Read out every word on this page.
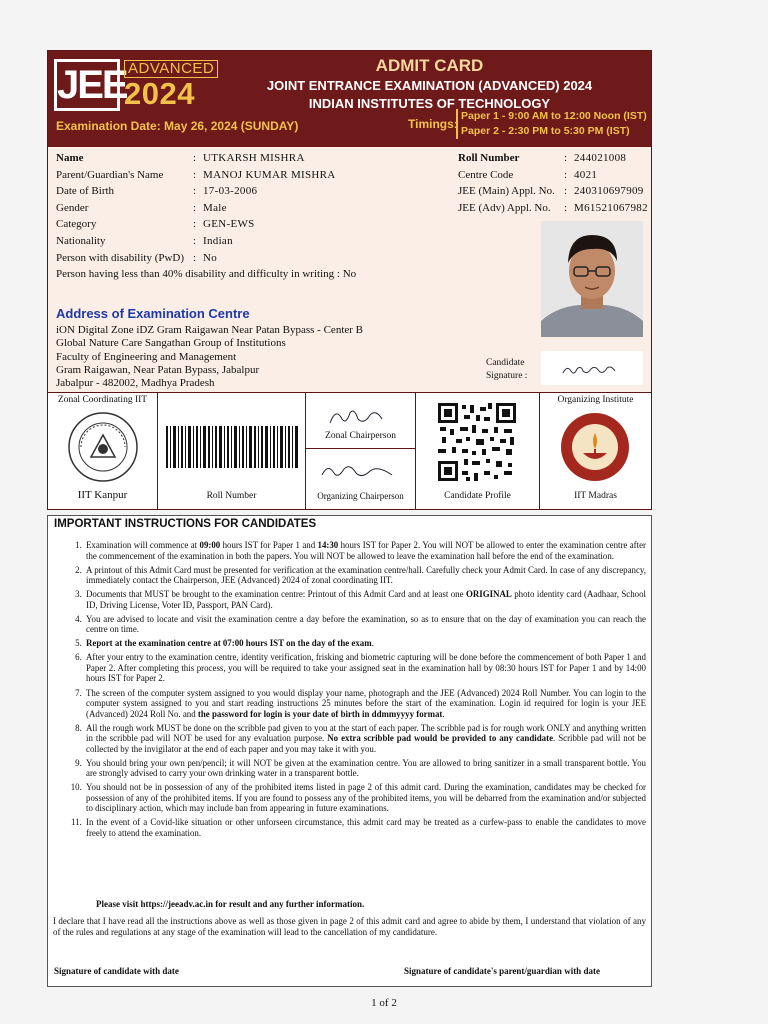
JEE ADVANCED
2024
ADMIT CARD
JOINT ENTRANCE EXAMINATION (ADVANCED) 2024
INDIAN INSTITUTES OF TECHNOLOGY
Examination Date: May 26, 2024 (SUNDAY)	Timings:
Paper 1 - 9:00 AM to 12:00 Noon (IST)
Paper 2 - 2:30 PM to 5:30 PM (IST)
Name	: UTKARSH MISHRA
Parent/Guardian's Name	: MANOJ KUMAR MISHRA
Date of Birth	: 17-03-2006
Gender	: Male
Category	: GEN-EWS
Nationality	: Indian
Person with disability (PwD) : No
Person having less than 40% disability and difficulty in writing :
No
Roll Number	: 244021008
Centre Code	: 4021
JEE (Main) Appl. No. : 240310697909
JEE (Adv) Appl. No.	: M61521067982
Candidate
Signature :
Address of Examination Centre
iON Digital Zone iDZ Gram Raigawan Near Patan Bypass - Center B
Global Nature Care Sangathan Group of Institutions
Faculty of Engineering and Management
Gram Raigawan, Near Patan Bypass, Jabalpur
Jabalpur - 482002, Madhya Pradesh
Zonal Coordinating IIT
IIT Kanpur	Roll Number
Zonal Chairperson
Organizing Chairperson	Candidate Profile
Organizing Institute
IIT Madras
IMPORTANT INSTRUCTIONS FOR CANDIDATES
1. Examination will commence at 09:00 hours IST for Paper 1 and 14:30 hours IST for Paper 2. You will NOT be allowed to enter the examination centre after the commencement of the examination in both the papers. You will NOT be allowed to leave the examination hall before the end of the examination.
2. A printout of this Admit Card must be presented for verification at the examination centre/hall. Carefully check your Admit Card. In case of any discrepancy, immediately contact the Chairperson, JEE (Advanced) 2024 of zonal coordinating IIT.
3. Documents that MUST be brought to the examination centre: Printout of this Admit Card and at least one ORIGINAL photo identity card (Aadhaar, School ID, Driving License, Voter ID, Passport, PAN Card).
4. You are advised to locate and visit the examination centre a day before the examination, so as to ensure that on the day of examination you can reach the centre on time.
5. Report at the examination centre at 07:00 hours IST on the day of the exam.
6. After your entry to the examination centre, identity verification, frisking and biometric capturing will be done before the commencement of both Paper 1 and Paper 2. After completing this process, you will be required to take your assigned seat in the examination hall by 08:30 hours IST for Paper 1 and by 14:00 hours IST for Paper 2.
7. The screen of the computer system assigned to you would display your name, photograph and the JEE (Advanced) 2024 Roll Number. You can login to the computer system assigned to you and start reading instructions 25 minutes before the start of the examination. Login id required for login is your JEE (Advanced) 2024 Roll No. and the password for login is your date of birth in ddmmyyyy format.
8. All the rough work MUST be done on the scribble pad given to you at the start of each paper. The scribble pad is for rough work ONLY and anything written in the scribble pad will NOT be used for any evaluation purpose. No extra scribble pad would be provided to any candidate. Scribble pad will not be collected by the invigilator at the end of each paper and you may take it with you.
9. You should bring your own pen/pencil; it will NOT be given at the examination centre. You are allowed to bring sanitizer in a small transparent bottle. You are strongly advised to carry your own drinking water in a transparent bottle.
10. You should not be in possession of any of the prohibited items listed in page 2 of this admit card. During the examination, candidates may be checked for possession of any of the prohibited items. If you are found to possess any of the prohibited items, you will be debarred from the examination and/or subjected to disciplinary action, which may include ban from appearing in future examinations.
11. In the event of a Covid-like situation or other unforseen circumstance, this admit card may be treated as a curfew-pass to enable the candidates to move freely to attend the examination.
Please visit https://jeeadv.ac.in for result and any further information.
I declare that I have read all the instructions above as well as those given in page 2 of this admit card and agree to abide by them, I understand that violation of any of the rules and regulations at any stage of the examination will lead to the cancellation of my candidature.
Signature of candidate with date	Signature of candidate's parent/guardian with date
1 of 2
